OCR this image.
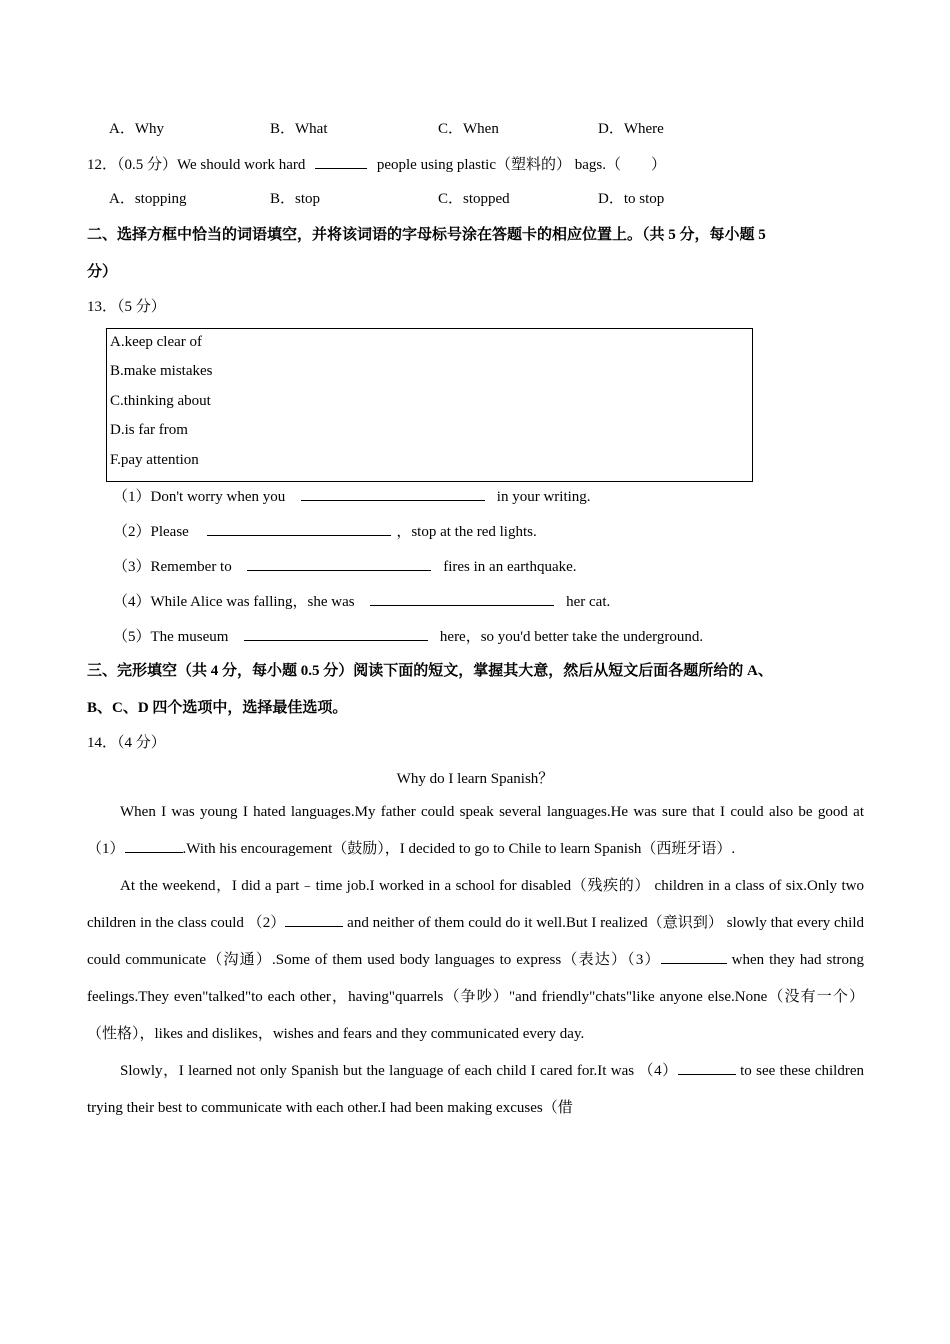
A．Why	B．What	C．When	D．Where
12．（0.5 分）We should work hard	people using plastic（塑料的） bags.（　　）
A．stopping	B．stop	C．stopped	D．to stop
二、选择方框中恰当的词语填空，并将该词语的字母标号涂在答题卡的相应位置上。（共 5 分，每小题 5
分）
13．（5 分）
A.keep clear of
B.make mistakes
C.thinking about
D.is far from
F.pay attention
（1）Don't worry when you	in your writing.
（2）Please	，stop at the red lights.
（3）Remember to	fires in an earthquake.
（4）While Alice was falling，she was	her cat.
（5）The museum	here，so you'd better take the underground.
三、完形填空（共 4 分，每小题 0.5 分）阅读下面的短文，掌握其大意，然后从短文后面各题所给的 A、
B、C、D 四个选项中，选择最佳选项。
14．（4 分）
Why do I learn Spanish？

When I was young I hated languages.My father could speak several languages.He was sure that I could also be good at （1）	.With his encouragement（鼓励），I decided to go to Chile to learn Spanish（西班牙语）.

At the weekend，I did a part﹣time job.I worked in a school for disabled（残疾的） children in a class of six.Only two children in the class could （2）	and neither of them could do it well.But I realized（意识到） slowly that every child could communicate（沟通）.Some of them used body languages to express（表达）（3）	when they had strong feelings.They even"talked"to each other，having"quarrels（争吵）"and friendly"chats"like anyone else.None（没有一个）（性格），likes and dislikes，wishes and fears and they communicated every day.

Slowly，I learned not only Spanish but the language of each child I cared for.It was （4）	to see these children trying their best to communicate with each other.I had been making excuses（借
